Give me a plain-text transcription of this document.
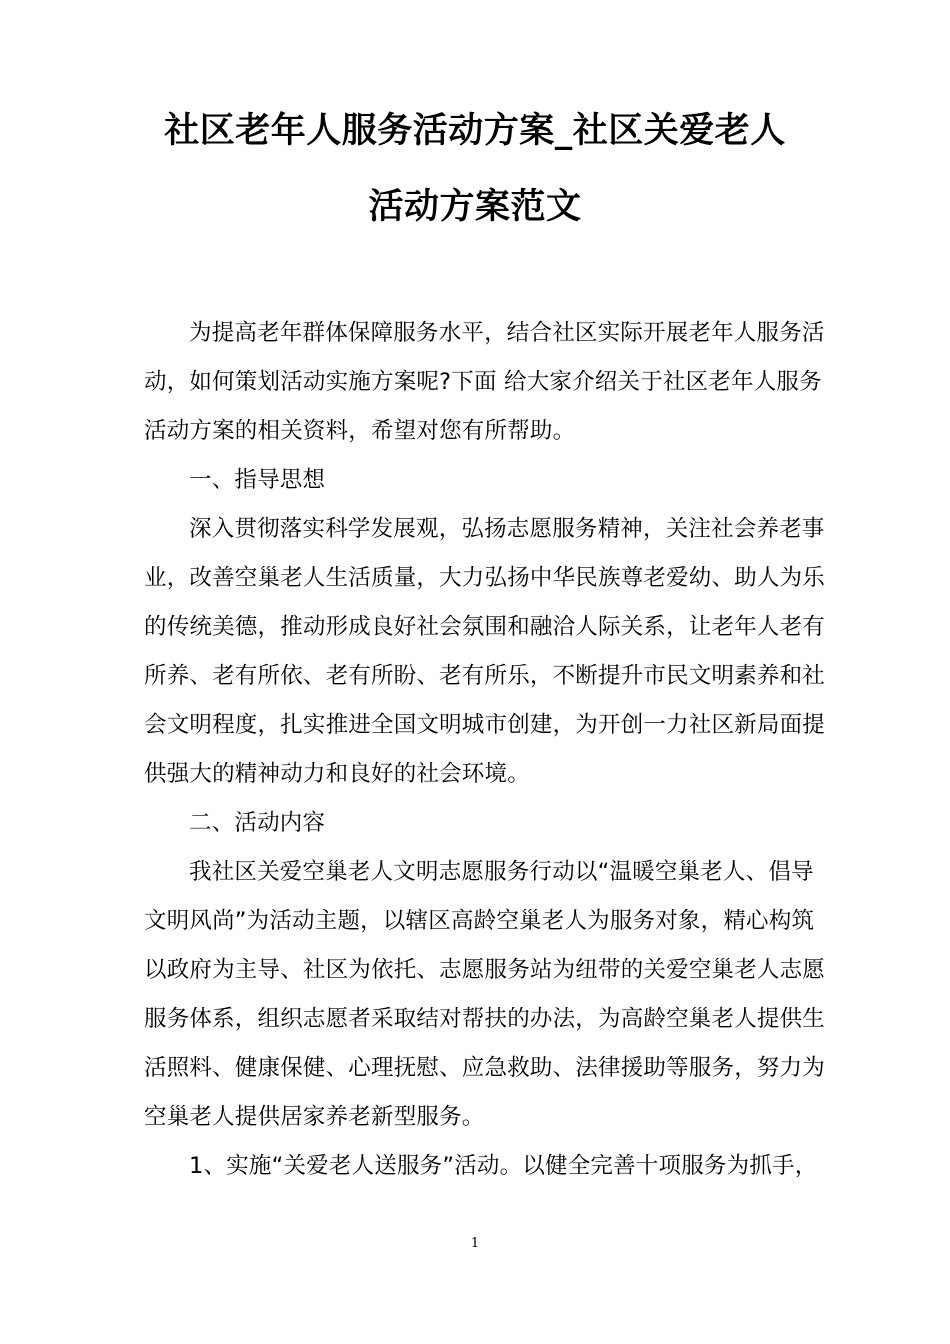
社区老年人服务活动方案_社区关爱老人
活动方案范文
为提高老年群体保障服务水平，结合社区实际开展老年人服务活
动，如何策划活动实施方案呢?下面 给大家介绍关于社区老年人服务
活动方案的相关资料，希望对您有所帮助。
一、指导思想
深入贯彻落实科学发展观，弘扬志愿服务精神，关注社会养老事
业，改善空巢老人生活质量，大力弘扬中华民族尊老爱幼、助人为乐
的传统美德，推动形成良好社会氛围和融洽人际关系，让老年人老有
所养、老有所依、老有所盼、老有所乐，不断提升市民文明素养和社
会文明程度，扎实推进全国文明城市创建，为开创一力社区新局面提
供强大的精神动力和良好的社会环境。
二、活动内容
我社区关爱空巢老人文明志愿服务行动以“温暖空巢老人、倡导
文明风尚”为活动主题，以辖区高龄空巢老人为服务对象，精心构筑
以政府为主导、社区为依托、志愿服务站为纽带的关爱空巢老人志愿
服务体系，组织志愿者采取结对帮扶的办法，为高龄空巢老人提供生
活照料、健康保健、心理抚慰、应急救助、法律援助等服务，努力为
空巢老人提供居家养老新型服务。
1、实施“关爱老人送服务”活动。以健全完善十项服务为抓手，
1
